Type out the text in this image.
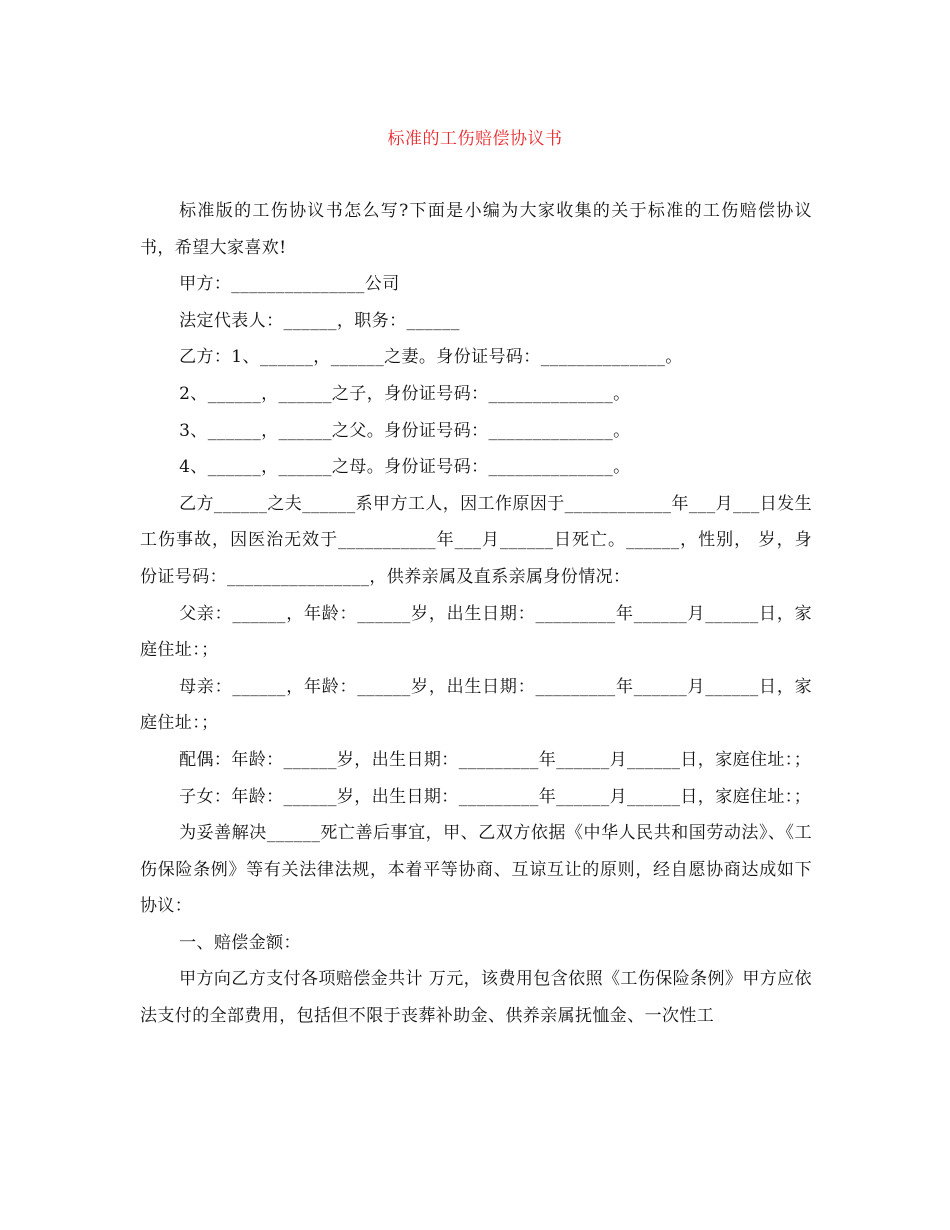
标准的工伤赔偿协议书

标准版的工伤协议书怎么写?下面是小编为大家收集的关于标准的工伤赔偿协议书，希望大家喜欢!

甲方：_______________公司

法定代表人：______，职务：______

乙方：1、______，______之妻。身份证号码：______________。

2、______，______之子，身份证号码：______________。

3、______，______之父。身份证号码：______________。

4、______，______之母。身份证号码：______________。

乙方______之夫______系甲方工人，因工作原因于____________年___月___日发生工伤事故，因医治无效于___________年___月______日死亡。______，性别， 岁，身份证号码：________________，供养亲属及直系亲属身份情况：

父亲：______，年龄：______岁，出生日期：_________年______月______日，家庭住址：；

母亲：______，年龄：______岁，出生日期：_________年______月______日，家庭住址：；

配偶：年龄：______岁，出生日期：_________年______月______日，家庭住址：；

子女：年龄：______岁，出生日期：_________年______月______日，家庭住址：；

为妥善解决______死亡善后事宜，甲、乙双方依据《中华人民共和国劳动法》、《工伤保险条例》等有关法律法规，本着平等协商、互谅互让的原则，经自愿协商达成如下协议：

一、赔偿金额：

甲方向乙方支付各项赔偿金共计 万元，该费用包含依照《工伤保险条例》甲方应依法支付的全部费用，包括但不限于丧葬补助金、供养亲属抚恤金、一次性工
